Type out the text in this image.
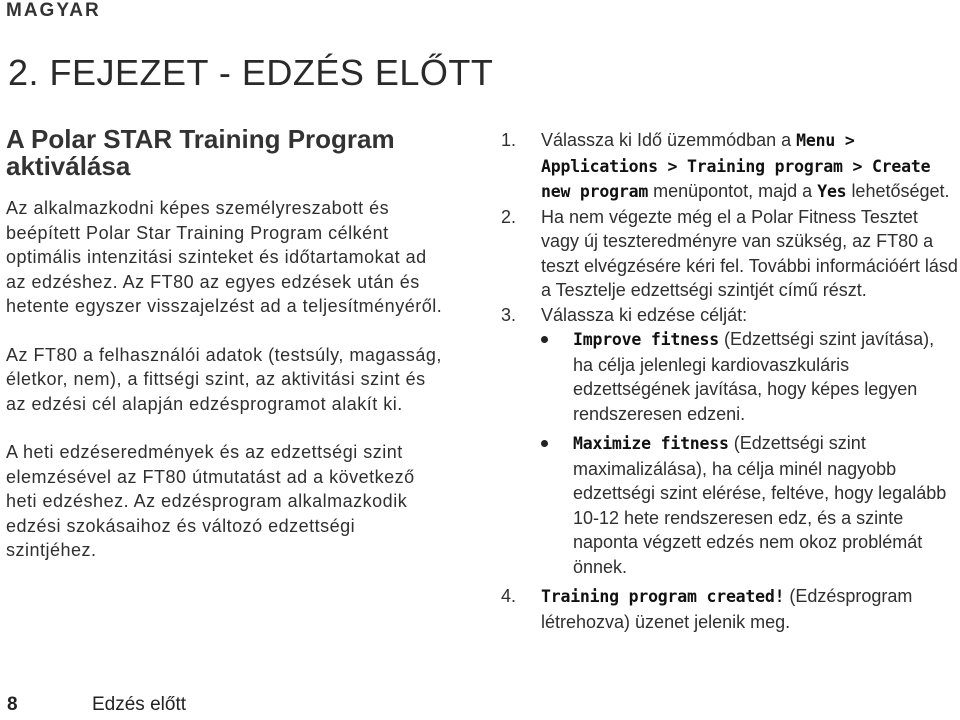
MAGYAR
2. FEJEZET - EDZÉS ELŐTT
A Polar STAR Training Program aktiválása

Az alkalmazkodni képes személyreszabott és beépített Polar Star Training Program célként optimális intenzitási szinteket és időtartamokat ad az edzéshez. Az FT80 az egyes edzések után és hetente egyszer visszajelzést ad a teljesítményéről.

Az FT80 a felhasználói adatok (testsúly, magasság, életkor, nem), a fittségi szint, az aktivitási szint és az edzési cél alapján edzésprogramot alakít ki.

A heti edzéseredmények és az edzettségi szint elemzésével az FT80 útmutatást ad a következő heti edzéshez. Az edzésprogram alkalmazkodik edzési szokásaihoz és változó edzettségi szintjéhez.

1. Válassza ki Idő üzemmódban a Menu > Applications > Training program > Create new program menüpontot, majd a Yes lehetőséget.
2. Ha nem végezte még el a Polar Fitness Tesztet vagy új teszteredményre van szükség, az FT80 a teszt elvégzésére kéri fel. További információért lásd a Tesztelje edzettségi szintjét című részt.
3. Válassza ki edzése célját:
Improve fitness (Edzettségi szint javítása), ha célja jelenlegi kardiovaszkuláris edzettségének javítása, hogy képes legyen rendszeresen edzeni.
Maximize fitness (Edzettségi szint maximalizálása), ha célja minél nagyobb edzettségi szint elérése, feltéve, hogy legalább 10-12 hete rendszeresen edz, és a szinte naponta végzett edzés nem okoz problémát önnek.
4. Training program created! (Edzésprogram létrehozva) üzenet jelenik meg.
8	Edzés előtt
